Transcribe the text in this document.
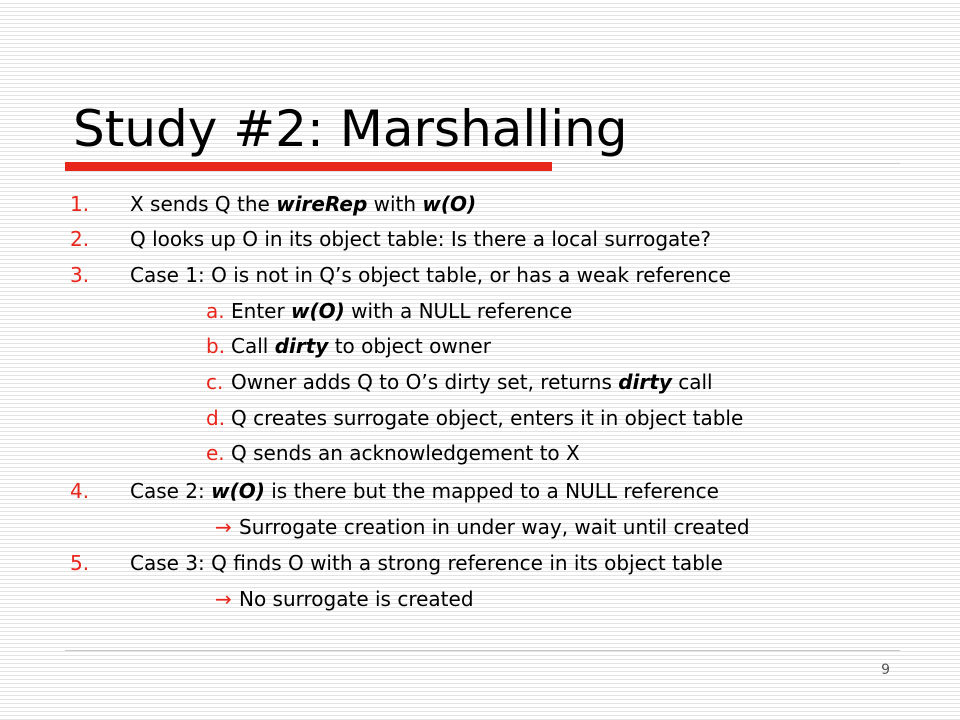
Study #2: Marshalling
1. X sends Q the wireRep with w(O)
2. Q looks up O in its object table: Is there a local surrogate?
3. Case 1: O is not in Q’s object table, or has a weak reference
a. Enter w(O) with a NULL reference
b. Call dirty to object owner
c. Owner adds Q to O’s dirty set, returns dirty call
d. Q creates surrogate object, enters it in object table
e. Q sends an acknowledgement to X
4. Case 2: w(O) is there but the mapped to a NULL reference
→ Surrogate creation in under way, wait until created
5. Case 3: Q finds O with a strong reference in its object table
→ No surrogate is created
9
